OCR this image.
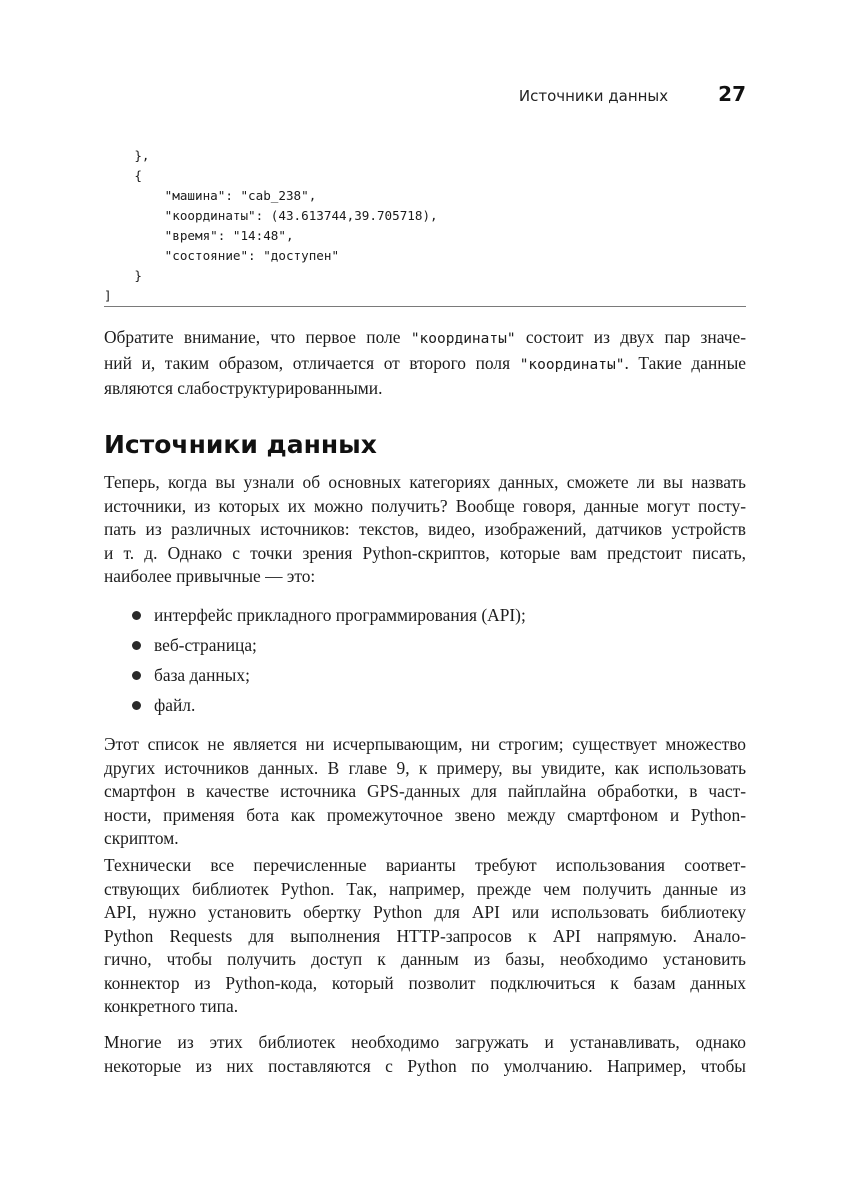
Источники данных	27
},
{
"машина": "cab_238",
"координаты": (43.613744,39.705718),
"время": "14:48",
"состояние": "доступен"
}
]

Обратите внимание, что первое поле "координаты" состоит из двух пар значе-
ний и, таким образом, отличается от второго поля "координаты". Такие данные
являются слабоструктурированными.

Источники данных

Теперь, когда вы узнали об основных категориях данных, сможете ли вы назвать
источники, из которых их можно получить? Вообще говоря, данные могут посту-
пать из различных источников: текстов, видео, изображений, датчиков устройств
и т. д. Однако с точки зрения Python-скриптов, которые вам предстоит писать,
наиболее привычные — это:

интерфейс прикладного программирования (API);
веб-страница;
база данных;
файл.

Этот список не является ни исчерпывающим, ни строгим; существует множество
других источников данных. В главе 9, к примеру, вы увидите, как использовать
смартфон в качестве источника GPS-данных для пайплайна обработки, в част-
ности, применяя бота как промежуточное звено между смартфоном и Python-
скриптом.

Технически все перечисленные варианты требуют использования соответ-
ствующих библиотек Python. Так, например, прежде чем получить данные из
API, нужно установить обертку Python для API или использовать библиотеку
Python Requests для выполнения HTTP-запросов к API напрямую. Анало-
гично, чтобы получить доступ к данным из базы, необходимо установить
коннектор из Python-кода, который позволит подключиться к базам данных
конкретного типа.

Многие из этих библиотек необходимо загружать и устанавливать, однако
некоторые из них поставляются с Python по умолчанию. Например, чтобы
